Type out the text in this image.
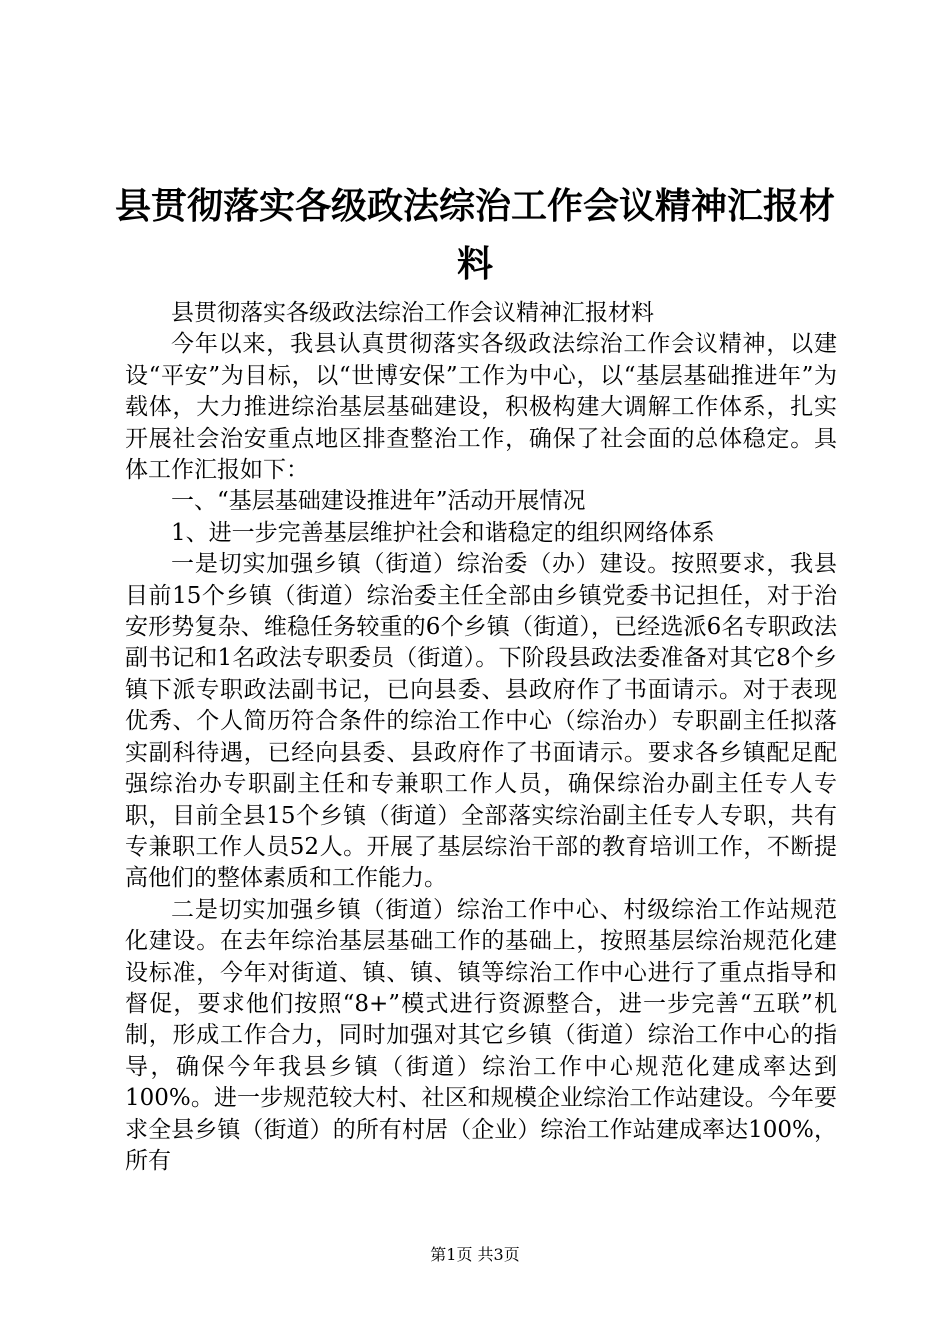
县贯彻落实各级政法综治工作会议精神汇报材料

县贯彻落实各级政法综治工作会议精神汇报材料

今年以来，我县认真贯彻落实各级政法综治工作会议精神，以建设“平安”为目标，以“世博安保”工作为中心，以“基层基础推进年”为载体，大力推进综治基层基础建设，积极构建大调解工作体系，扎实开展社会治安重点地区排查整治工作，确保了社会面的总体稳定。具体工作汇报如下：

一、“基层基础建设推进年”活动开展情况

1、进一步完善基层维护社会和谐稳定的组织网络体系

一是切实加强乡镇（街道）综治委（办）建设。按照要求，我县目前15个乡镇（街道）综治委主任全部由乡镇党委书记担任，对于治安形势复杂、维稳任务较重的6个乡镇（街道），已经选派6名专职政法副书记和1名政法专职委员（街道）。下阶段县政法委准备对其它8个乡镇下派专职政法副书记，已向县委、县政府作了书面请示。对于表现优秀、个人简历符合条件的综治工作中心（综治办）专职副主任拟落实副科待遇，已经向县委、县政府作了书面请示。要求各乡镇配足配强综治办专职副主任和专兼职工作人员，确保综治办副主任专人专职，目前全县15个乡镇（街道）全部落实综治副主任专人专职，共有专兼职工作人员52人。开展了基层综治干部的教育培训工作，不断提高他们的整体素质和工作能力。

二是切实加强乡镇（街道）综治工作中心、村级综治工作站规范化建设。在去年综治基层基础工作的基础上，按照基层综治规范化建设标准，今年对街道、镇、镇、镇等综治工作中心进行了重点指导和督促，要求他们按照“8+”模式进行资源整合，进一步完善“五联”机制，形成工作合力，同时加强对其它乡镇（街道）综治工作中心的指导，确保今年我县乡镇（街道）综治工作中心规范化建成率达到100%。进一步规范较大村、社区和规模企业综治工作站建设。今年要求全县乡镇（街道）的所有村居（企业）综治工作站建成率达100%，所有

第1页 共3页
